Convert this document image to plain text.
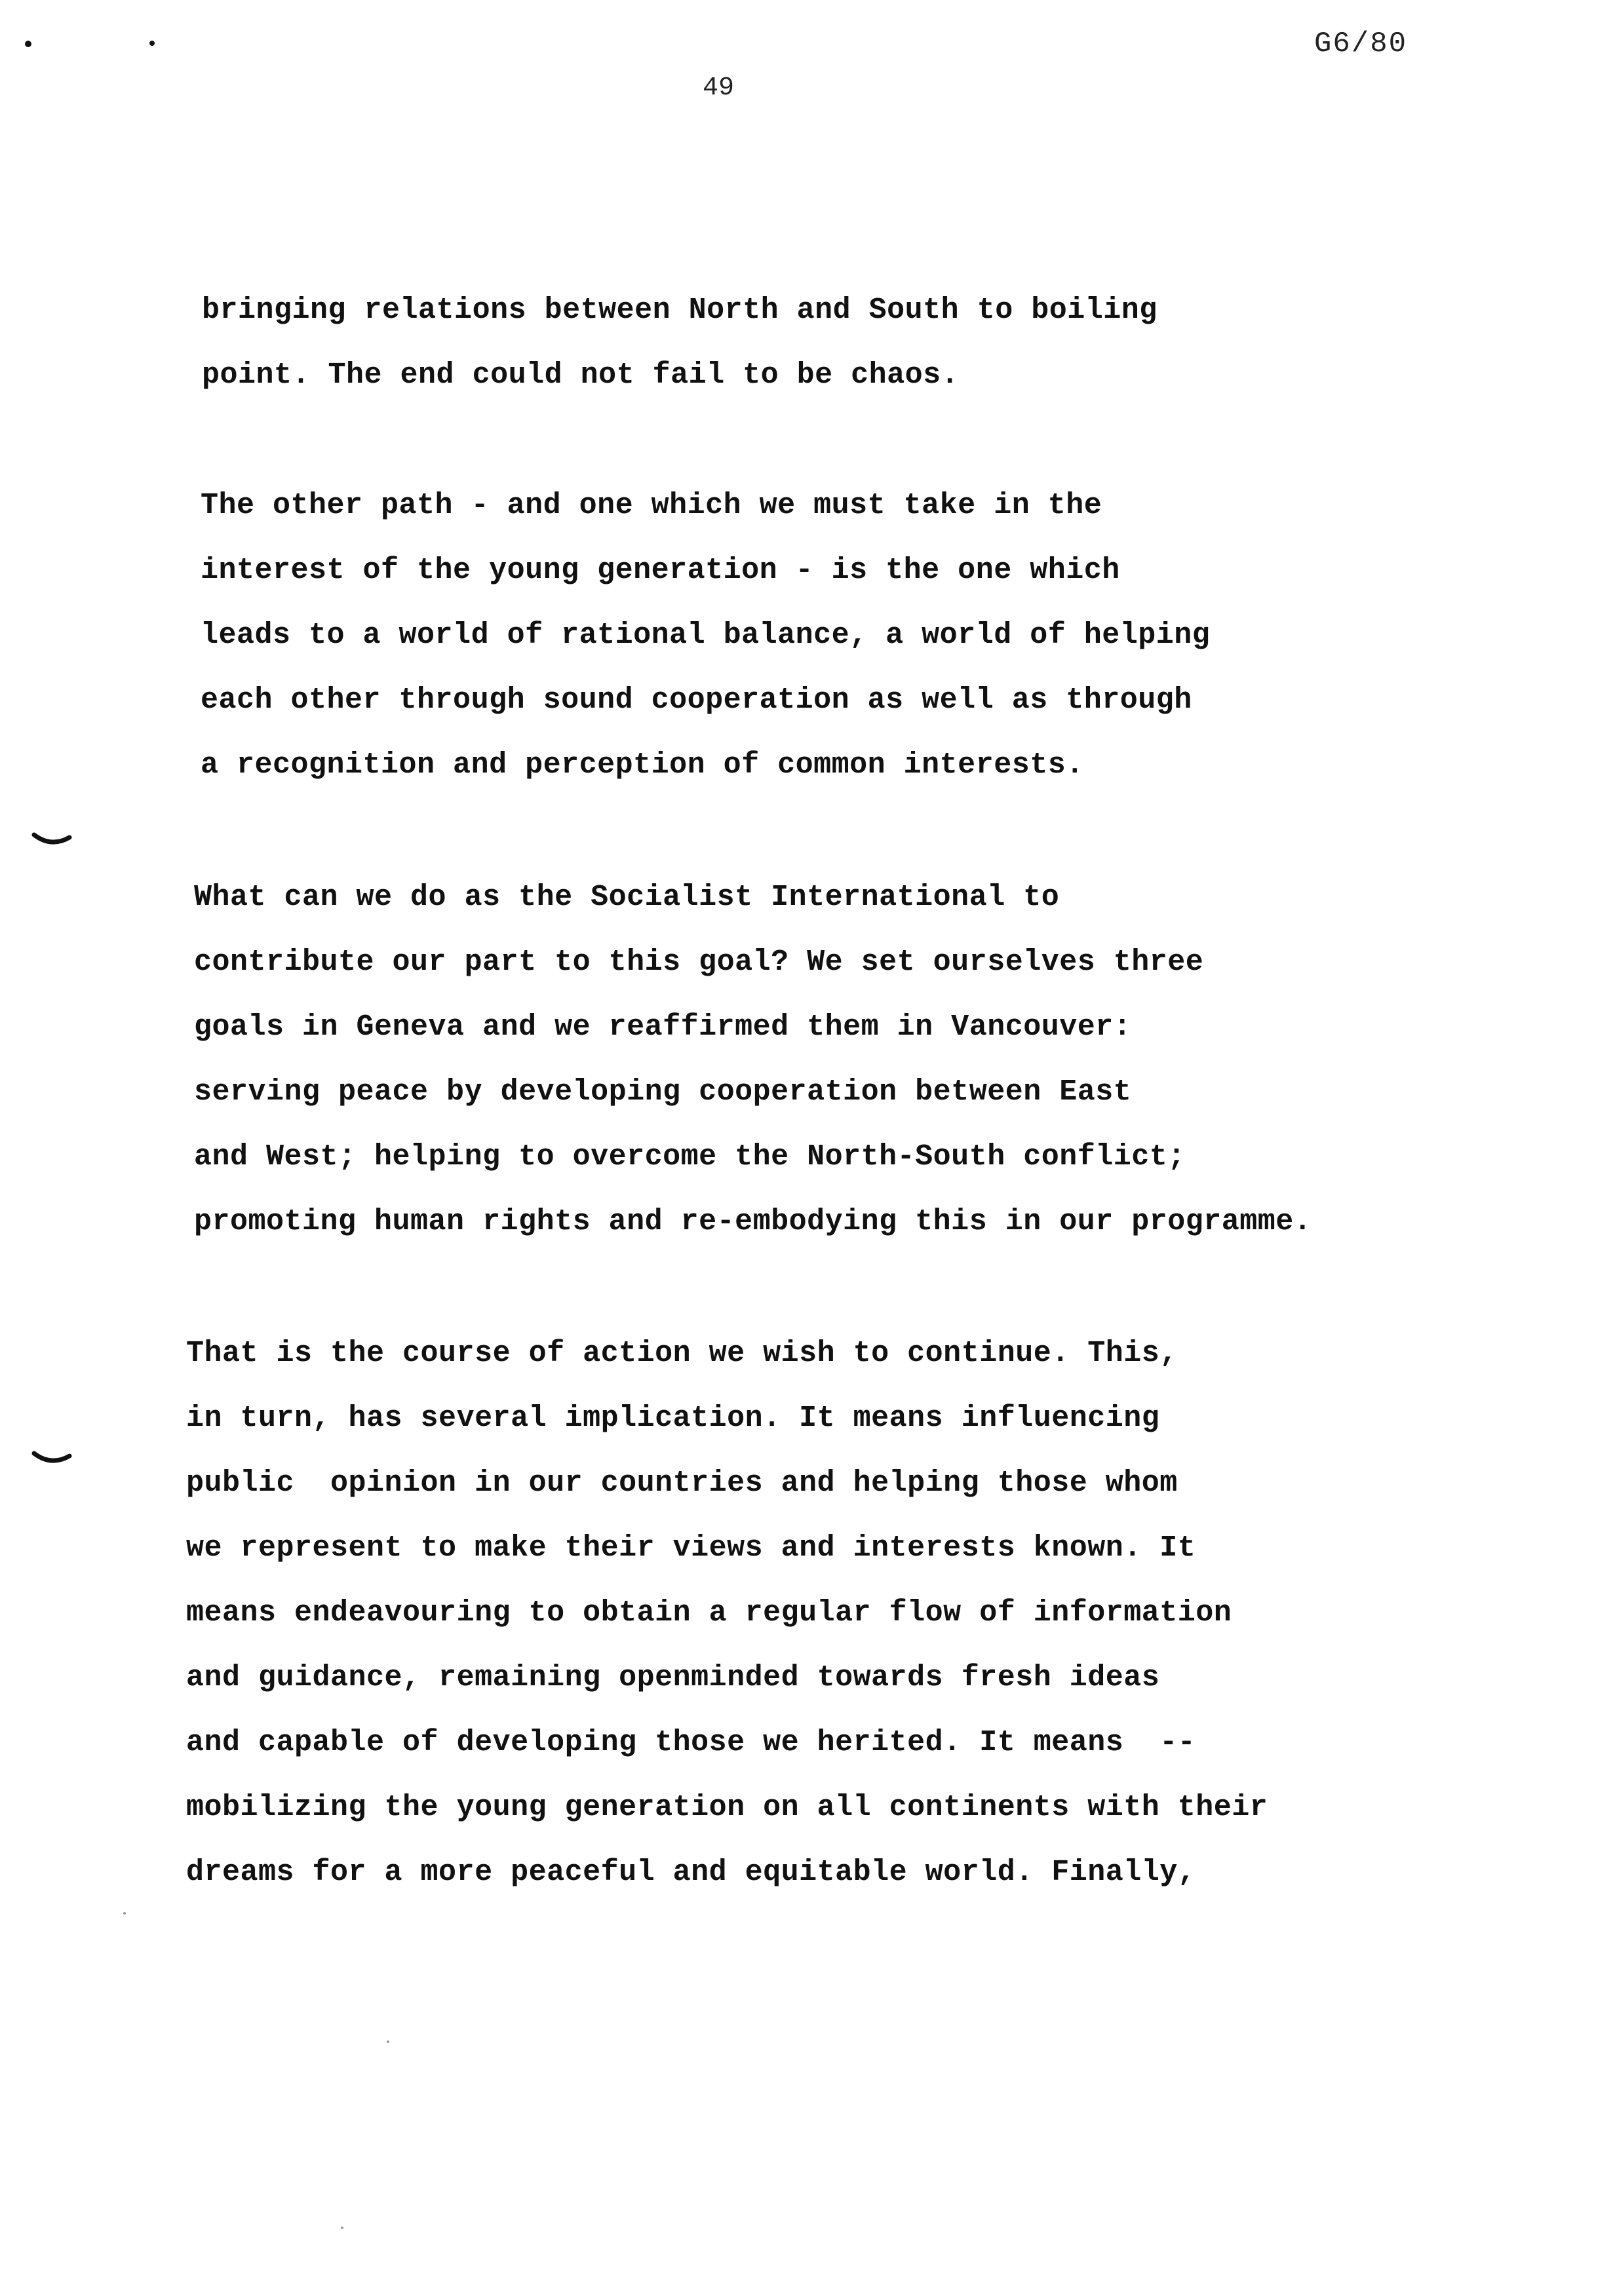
G6/80
49
bringing relations between North and South to boiling
point. The end could not fail to be chaos.
The other path - and one which we must take in the
interest of the young generation - is the one which
leads to a world of rational balance, a world of helping
each other through sound cooperation as well as through
a recognition and perception of common interests.
What can we do as the Socialist International to
contribute our part to this goal? We set ourselves three
goals in Geneva and we reaffirmed them in Vancouver:
serving peace by developing cooperation between East
and West; helping to overcome the North-South conflict;
promoting human rights and re-embodying this in our programme.
That is the course of action we wish to continue. This,
in turn, has several implication. It means influencing
public  opinion in our countries and helping those whom
we represent to make their views and interests known. It
means endeavouring to obtain a regular flow of information
and guidance, remaining openminded towards fresh ideas
and capable of developing those we herited. It means  --
mobilizing the young generation on all continents with their
dreams for a more peaceful and equitable world. Finally,
